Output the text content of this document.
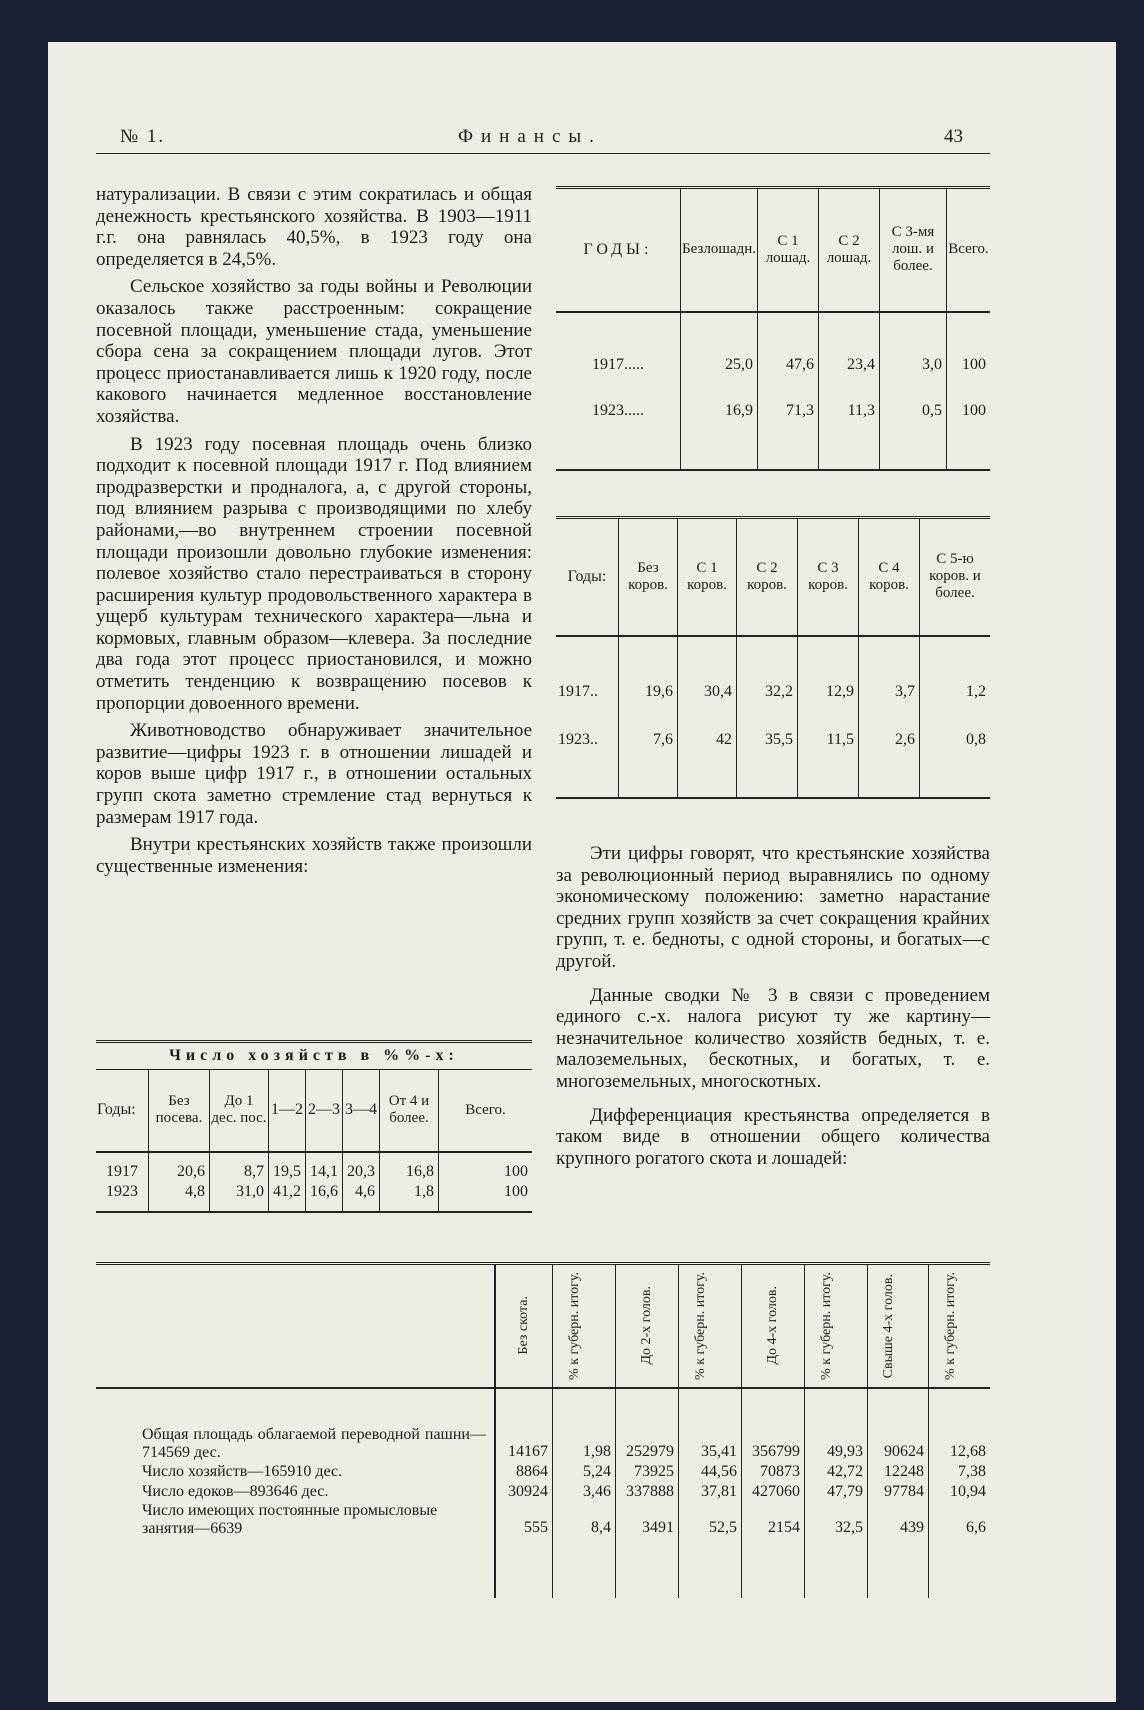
№ 1.	Финансы.	43

натурализации. В связи с этим сократилась и общая денежность крестьянского хозяйства. В 1903—1911 г.г. она равнялась 40,5%, в 1923 году она определяется в 24,5%.

Сельское хозяйство за годы войны и Революции оказалось также расстроенным: сокращение посевной площади, уменьшение стада, уменьшение сбора сена за сокращением площади лугов. Этот процесс приостанавливается лишь к 1920 году, после какового начинается медленное восстановление хозяйства.

В 1923 году посевная площадь очень близко подходит к посевной площади 1917 г. Под влиянием продразверстки и продналога, а, с другой стороны, под влиянием разрыва с производящими по хлебу районами,—во внутреннем строении посевной площади произошли довольно глубокие изменения: полевое хозяйство стало перестраиваться в сторону расширения культур продовольственного характера в ущерб культурам технического характера—льна и кормовых, главным образом—клевера. За последние два года этот процесс приостановился, и можно отметить тенденцию к возвращению посевов к пропорции довоенного времени.

Животноводство обнаруживает значительное развитие—цифры 1923 г. в отношении лишадей и коров выше цифр 1917 г., в отношении остальных групп скота заметно стремление стад вернуться к размерам 1917 года.

Внутри крестьянских хозяйств также произошли существенные изменения:

Число хозяйств в %%-х:							
Годы:	Без посева.	До 1 дес. пос.	1—2	2—3	3—4	От 4 и более.	Всего.

1917	20,6	8,7	19,5	14,1	20,3	16,8	100
1923	4,8	31,0	41,2	16,6	4,6	1,8	100

ГОДЫ:	Безлошадн.	С 1 лошад.	С 2 лошад.	С 3-мя лош. и более.	Всего.

1917.....	25,0	47,6	23,4	3,0	100
1923.....	16,9	71,3	11,3	0,5	100

Годы:	Без коров.	С 1 коров.	С 2 коров.	С 3 коров.	С 4 коров.	С 5-ю коров. и более.

1917..	19,6	30,4	32,2	12,9	3,7	1,2
1923..	7,6	42	35,5	11,5	2,6	0,8

Эти цифры говорят, что крестьянские хозяйства за революционный период выравнялись по одному экономическому положению: заметно нарастание средних групп хозяйств за счет сокращения крайних групп, т. е. бедноты, с одной стороны, и богатых—с другой.

Данные сводки № 3 в связи с проведением единого с.-х. налога рисуют ту же картину—незначительное количество хозяйств бедных, т. е. малоземельных, бескотных, и богатых, т. е. многоземельных, многоскотных.

Дифференциация крестьянства определяется в таком виде в отношении общего количества крупного рогатого скота и лошадей:

	Без скота.	% к губерн. итогу.	До 2-х голов.	% к губерн. итогу.	До 4-х голов.	% к губерн. итогу.	Свыше 4-х голов.	% к губерн. итогу.

Общая площадь облагаемой переводной пашни—714569 дес.	14167	1,98	252979	35,41	356799	49,93	90624	12,68
Число хозяйств—165910 дес.	8864	5,24	73925	44,56	70873	42,72	12248	7,38
Число едоков—893646 дес.	30924	3,46	337888	37,81	427060	47,79	97784	10,94
Число имеющих постоянные промысловые занятия—6639	555	8,4	3491	52,5	2154	32,5	439	6,6
